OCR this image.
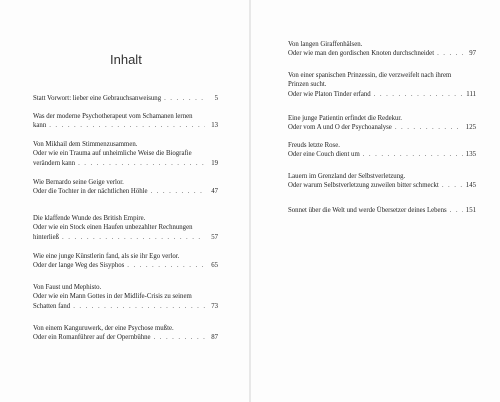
Inhalt
Statt Vorwort: lieber eine Gebrauchsanweisung . . .	5
Was der moderne Psychotherapeut vom Schamanen lernen
kann . . .	13
Von Mikhail dem Stimmenzusammen.
Oder wie ein Trauma auf unheimliche Weise die Biografie
verändern kann . . .	19
Wie Bernardo seine Geige verlor.
Oder die Tochter in der nächtlichen Höhle . . .	47
Die klaffende Wunde des British Empire.
Oder wie ein Stock einen Haufen unbezahlter Rechnungen
hinterließ . . .	57
Wie eine junge Künstlerin fand, als sie ihr Ego verlor.
Oder der lange Weg des Sisyphos . . .	65
Von Faust und Mephisto.
Oder wie ein Mann Gottes in der Midlife-Crisis zu seinem
Schatten fand . . .	73
Von einem Kanguruwerk, der eine Psychose mußte.
Oder ein Romanführer auf der Opernbühne . . .	87
Von langen Giraffenhälsen.
Oder wie man den gordischen Knoten durchschneidet . . .	97
Von einer spanischen Prinzessin, die verzweifelt nach ihrem
Prinzen sucht.
Oder wie Platon Tinder erfand . . .	111
Eine junge Patientin erfindet die Redekur.
Oder vom A und O der Psychoanalyse . . .	125
Freuds letzte Rose.
Oder eine Couch dient um . . .	135
Lauern im Grenzland der Selbstverletzung.
Oder warum Selbstverletzung zuweilen bitter schmeckt . . .	145
Sonnet über die Welt und werde Übersetzer deines Lebens . . .	151
